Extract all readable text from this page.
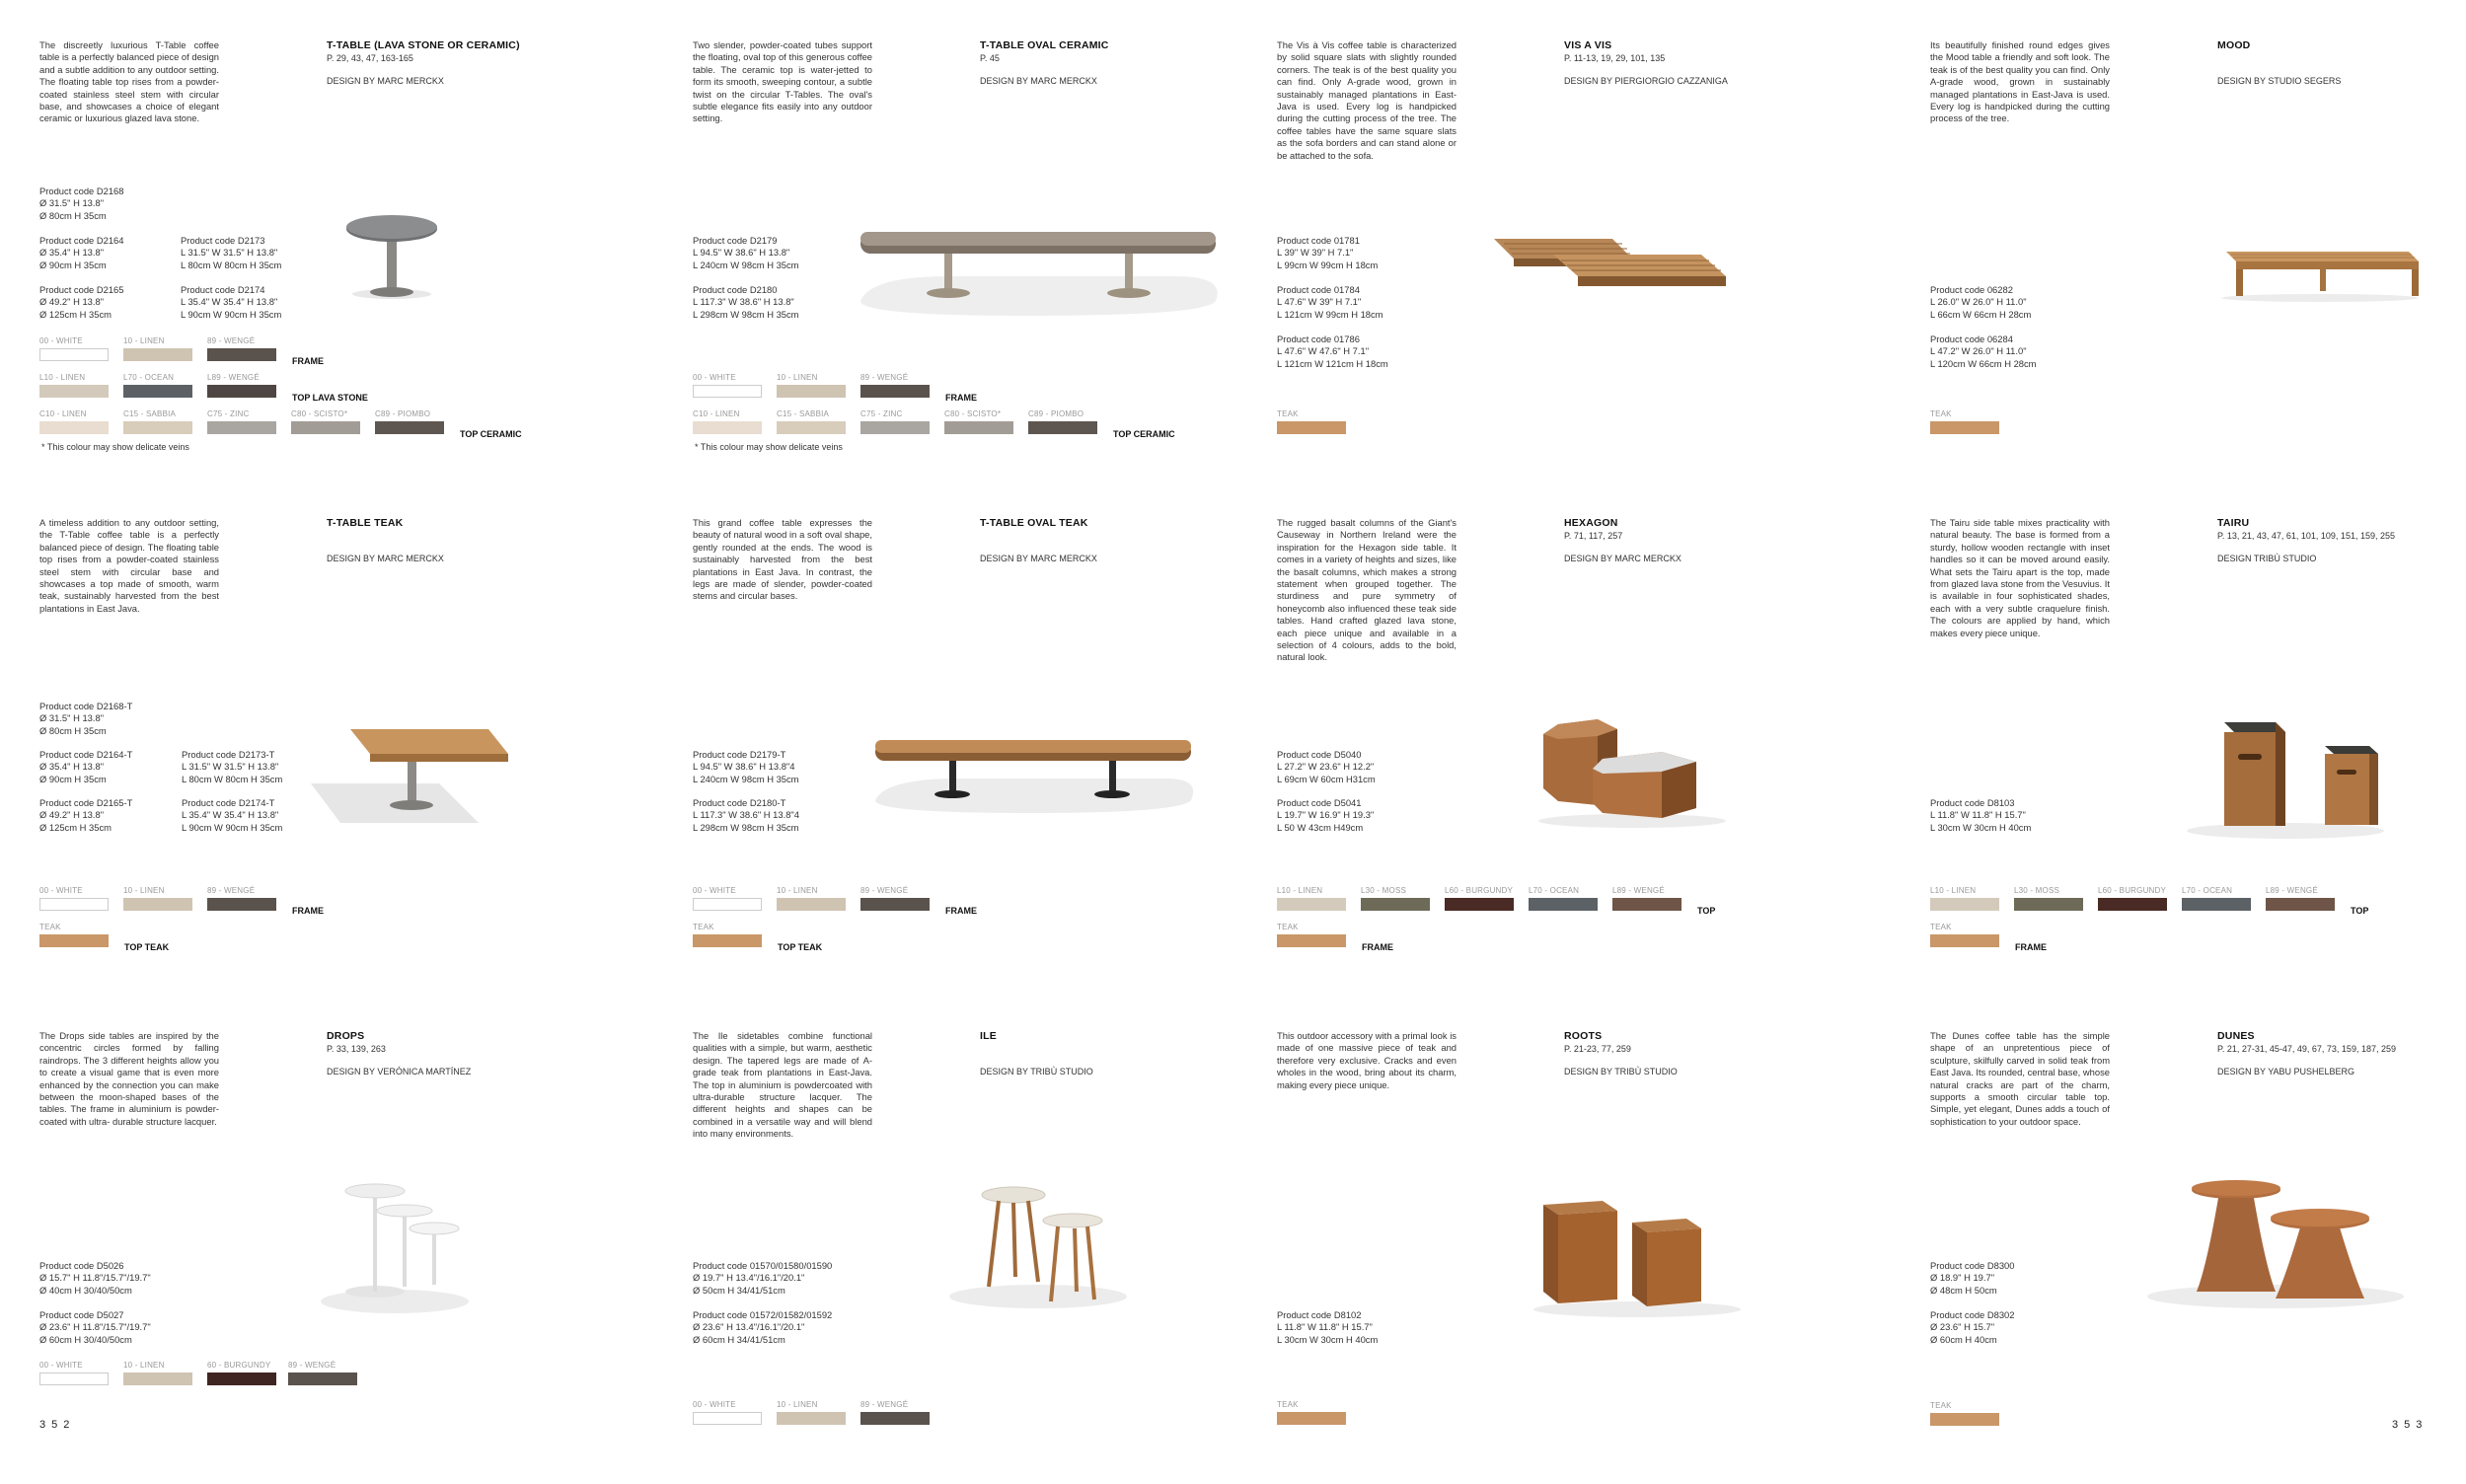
The discreetly luxurious T-Table coffee table is a perfectly balanced piece of design and a subtle addition to any outdoor setting. The floating table top rises from a powder-coated stainless steel stem with circular base, and showcases a choice of elegant ceramic or luxurious glazed lava stone.
T-TABLE (LAVA STONE OR CERAMIC)
P. 29, 43, 47, 163-165
DESIGN BY MARC MERCKX
Product code D2168
Ø 31.5" H 13.8"
Ø 80cm H 35cm
Product code D2164
Ø 35.4" H 13.8"
Ø 90cm H 35cm
Product code D2173
L 31.5" W 31.5" H 13.8"
L 80cm W 80cm H 35cm
Product code D2165
Ø 49.2" H 13.8"
Ø 125cm H 35cm
Product code D2174
L 35.4" W 35.4" H 13.8"
L 90cm W 90cm H 35cm
00 - WHITE	10 - LINEN	89 - WENGÉ
FRAME
L10 - LINEN	L70 - OCEAN	L89 - WENGÉ
TOP LAVA STONE
C10 - LINEN	C15 - SABBIA	C75 - ZINC	C80 - SCISTO*	C89 - PIOMBO
TOP CERAMIC
* This colour may show delicate veins
Two slender, powder-coated tubes support the floating, oval top of this generous coffee table. The ceramic top is water-jetted to form its smooth, sweeping contour, a subtle twist on the circular T-Tables. The oval's subtle elegance fits easily into any outdoor setting.
T-TABLE OVAL CERAMIC
P. 45
DESIGN BY MARC MERCKX
Product code D2179
L 94.5" W 38.6" H 13.8"
L 240cm W 98cm H 35cm
Product code D2180
L 117.3" W 38.6" H 13.8"
L 298cm W 98cm H 35cm
00 - WHITE	10 - LINEN	89 - WENGÉ
FRAME
C10 - LINEN	C15 - SABBIA	C75 - ZINC	C80 - SCISTO*	C89 - PIOMBO
TOP CERAMIC
* This colour may show delicate veins
The Vis à Vis coffee table is characterized by solid square slats with slightly rounded corners. The teak is of the best quality you can find. Only A-grade wood, grown in sustainably managed plantations in East-Java is used. Every log is handpicked during the cutting process of the tree. The coffee tables have the same square slats as the sofa borders and can stand alone or be attached to the sofa.
VIS A VIS
P. 11-13, 19, 29, 101, 135
DESIGN BY PIERGIORGIO CAZZANIGA
Product code 01781
L 39" W 39" H 7.1"
L 99cm W 99cm H 18cm
Product code 01784
L 47.6" W 39" H 7.1"
L 121cm W 99cm H 18cm
Product code 01786
L 47.6" W 47.6" H 7.1"
L 121cm W 121cm H 18cm
TEAK
Its beautifully finished round edges gives the Mood table a friendly and soft look. The teak is of the best quality you can find. Only A-grade wood, grown in sustainably managed plantations in East-Java is used. Every log is handpicked during the cutting process of the tree.
MOOD
DESIGN BY STUDIO SEGERS
Product code 06282
L 26.0" W 26.0" H 11.0"
L 66cm W 66cm H 28cm
Product code 06284
L 47.2" W 26.0" H 11.0"
L 120cm W 66cm H 28cm
TEAK
A timeless addition to any outdoor setting, the T-Table coffee table is a perfectly balanced piece of design. The floating table top rises from a powder-coated stainless steel stem with circular base and showcases a top made of smooth, warm teak, sustainably harvested from the best plantations in East Java.
T-TABLE TEAK
DESIGN BY MARC MERCKX
Product code D2168-T
Ø 31.5" H 13.8"
Ø 80cm H 35cm
Product code D2164-T
Ø 35.4" H 13.8"
Ø 90cm H 35cm
Product code D2173-T
L 31.5" W 31.5" H 13.8"
L 80cm W 80cm H 35cm
Product code D2165-T
Ø 49.2" H 13.8"
Ø 125cm H 35cm
Product code D2174-T
L 35.4" W 35.4" H 13.8"
L 90cm W 90cm H 35cm
00 - WHITE	10 - LINEN	89 - WENGÉ
FRAME
TEAK
TOP TEAK
This grand coffee table expresses the beauty of natural wood in a soft oval shape, gently rounded at the ends. The wood is sustainably harvested from the best plantations in East Java. In contrast, the legs are made of slender, powder-coated stems and circular bases.
T-TABLE OVAL TEAK
DESIGN BY MARC MERCKX
Product code D2179-T
L 94.5" W 38.6" H 13.8"4
L 240cm W 98cm H 35cm
Product code D2180-T
L 117.3" W 38.6" H 13.8"4
L 298cm W 98cm H 35cm
00 - WHITE	10 - LINEN	89 - WENGÉ
FRAME
TEAK
TOP TEAK
The rugged basalt columns of the Giant's Causeway in Northern Ireland were the inspiration for the Hexagon side table. It comes in a variety of heights and sizes, like the basalt columns, which makes a strong statement when grouped together. The sturdiness and pure symmetry of honeycomb also influenced these teak side tables. Hand crafted glazed lava stone, each piece unique and available in a selection of 4 colours, adds to the bold, natural look.
HEXAGON
P. 71, 117, 257
DESIGN BY MARC MERCKX
Product code D5040
L 27.2" W 23.6" H 12.2"
L 69cm W 60cm H31cm
Product code D5041
L 19.7" W 16.9" H 19.3"
L 50 W 43cm H49cm
L10 - LINEN	L30 - MOSS	L60 - BURGUNDY L70 - OCEAN	L89 - WENGÉ
TOP
TEAK
FRAME
The Tairu side table mixes practicality with natural beauty. The base is formed from a sturdy, hollow wooden rectangle with inset handles so it can be moved around easily. What sets the Tairu apart is the top, made from glazed lava stone from the Vesuvius. It is available in four sophisticated shades, each with a very subtle craquelure finish. The colours are applied by hand, which makes every piece unique.
TAIRU
P. 13, 21, 43, 47, 61, 101, 109, 151, 159, 255
DESIGN TRIBÙ STUDIO
Product code D8103
L 11.8" W 11.8" H 15.7"
L 30cm W 30cm H 40cm
L10 - LINEN	L30 - MOSS	L60 - BURGUNDY L70 - OCEAN	L89 - WENGÉ
TOP
TEAK
FRAME
The Drops side tables are inspired by the concentric circles formed by falling raindrops. The 3 different heights allow you to create a visual game that is even more enhanced by the connection you can make between the moon-shaped bases of the tables. The frame in aluminium is powder-coated with ultra- durable structure lacquer.
DROPS
P. 33, 139, 263
DESIGN BY VERÓNICA MARTÍNEZ
Product code D5026
Ø 15.7" H 11.8"/15.7"/19.7"
Ø 40cm H 30/40/50cm
Product code D5027
Ø 23.6" H 11.8"/15.7"/19.7"
Ø 60cm H 30/40/50cm
00 - WHITE	10 - LINEN	60 - BURGUNDY	89 - WENGÉ
The Ile sidetables combine functional qualities with a simple, but warm, aesthetic design. The tapered legs are made of A-grade teak from plantations in East-Java. The top in aluminium is powdercoated with ultra-durable structure lacquer. The different heights and shapes can be combined in a versatile way and will blend into many environments.
ILE
DESIGN BY TRIBÙ STUDIO
Product code 01570/01580/01590
Ø 19.7" H 13.4"/16.1"/20.1"
Ø 50cm H 34/41/51cm
Product code 01572/01582/01592
Ø 23.6" H 13.4"/16.1"/20.1"
Ø 60cm H 34/41/51cm
00 - WHITE	10 - LINEN	89 - WENGÉ
This outdoor accessory with a primal look is made of one massive piece of teak and therefore very exclusive. Cracks and even wholes in the wood, bring about its charm, making every piece unique.
ROOTS
P. 21-23, 77, 259
DESIGN BY TRIBÙ STUDIO
Product code D8102
L 11.8" W 11.8" H 15.7"
L 30cm W 30cm H 40cm
TEAK
The Dunes coffee table has the simple shape of an unpretentious piece of sculpture, skilfully carved in solid teak from East Java. Its rounded, central base, whose natural cracks are part of the charm, supports a smooth circular table top. Simple, yet elegant, Dunes adds a touch of sophistication to your outdoor space.
DUNES
P. 21, 27-31, 45-47, 49, 67, 73, 159, 187, 259
DESIGN BY YABU PUSHELBERG
Product code D8300
Ø 18.9" H 19.7"
Ø 48cm H 50cm
Product code D8302
Ø 23.6" H 15.7"
Ø 60cm H 40cm
TEAK
352	353
